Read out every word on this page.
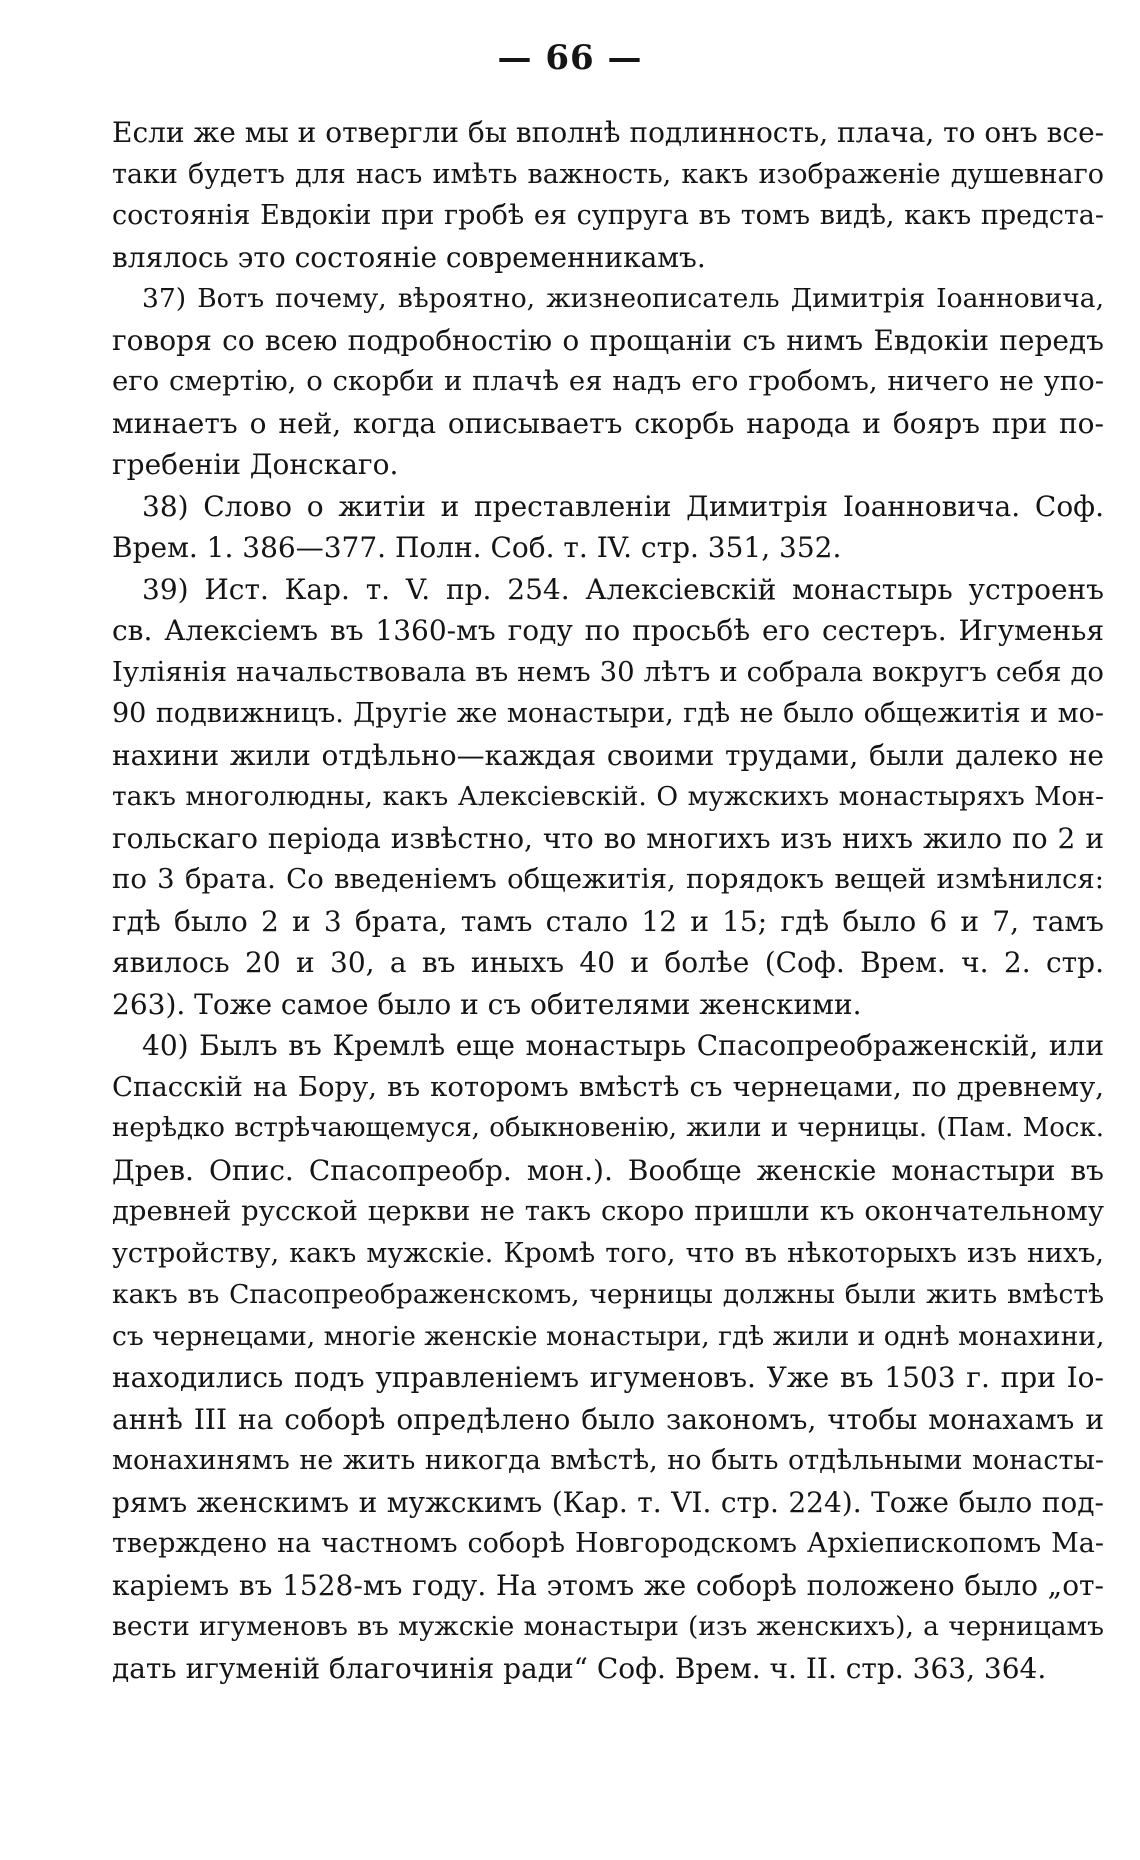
— 66 —
Если же мы и отвергли бы вполнѣ подлинность, плача, то онъ все-
таки будетъ для насъ имѣть важность, какъ изображеніе душевнаго
состоянія Евдокіи при гробѣ ея супруга въ томъ видѣ, какъ предста-
влялось это состояніе современникамъ.
37) Вотъ почему, вѣроятно, жизнеописатель Димитрія Іоанновича,
говоря со всею подробностію о прощаніи съ нимъ Евдокіи передъ
его смертію, о скорби и плачѣ ея надъ его гробомъ, ничего не упо-
минаетъ о ней, когда описываетъ скорбь народа и бояръ при по-
гребеніи Донскаго.
38) Слово о житіи и преставленіи Димитрія Іоанновича. Соф.
Врем. 1. 386—377. Полн. Соб. т. IV. стр. 351, 352.
39) Ист. Кар. т. V. пр. 254. Алексіевскій монастырь устроенъ
св. Алексіемъ въ 1360-мъ году по просьбѣ его сестеръ. Игуменья
Іуліянія начальствовала въ немъ 30 лѣтъ и собрала вокругъ себя до
90 подвижницъ. Другіе же монастыри, гдѣ не было общежитія и мо-
нахини жили отдѣльно—каждая своими трудами, были далеко не
такъ многолюдны, какъ Алексіевскій. О мужскихъ монастыряхъ Мон-
гольскаго періода извѣстно, что во многихъ изъ нихъ жило по 2 и
по 3 брата. Со введеніемъ общежитія, порядокъ вещей измѣнился:
гдѣ было 2 и 3 брата, тамъ стало 12 и 15; гдѣ было 6 и 7, тамъ
явилось 20 и 30, а въ иныхъ 40 и болѣе (Соф. Врем. ч. 2. стр.
263). Тоже самое было и съ обителями женскими.
40) Былъ въ Кремлѣ еще монастырь Спасопреображенскій, или
Спасскій на Бору, въ которомъ вмѣстѣ съ чернецами, по древнему,
нерѣдко встрѣчающемуся, обыкновенію, жили и черницы. (Пам. Моск.
Древ. Опис. Спасопреобр. мон.). Вообще женскіе монастыри въ
древней русской церкви не такъ скоро пришли къ окончательному
устройству, какъ мужскіе. Кромѣ того, что въ нѣкоторыхъ изъ нихъ,
какъ въ Спасопреображенскомъ, черницы должны были жить вмѣстѣ
съ чернецами, многіе женскіе монастыри, гдѣ жили и однѣ монахини,
находились подъ управленіемъ игуменовъ. Уже въ 1503 г. при Іо-
аннѣ III на соборѣ опредѣлено было закономъ, чтобы монахамъ и
монахинямъ не жить никогда вмѣстѣ, но быть отдѣльными монасты-
рямъ женскимъ и мужскимъ (Кар. т. VI. стр. 224). Тоже было под-
тверждено на частномъ соборѣ Новгородскомъ Архіепископомъ Ма-
каріемъ въ 1528-мъ году. На этомъ же соборѣ положено было „от-
вести игуменовъ въ мужскіе монастыри (изъ женскихъ), а черницамъ
дать игуменій благочинія ради“ Соф. Врем. ч. II. стр. 363, 364.
